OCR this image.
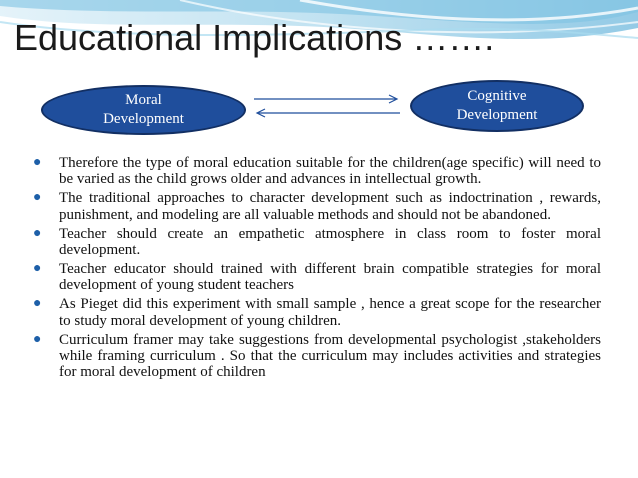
Educational Implications …….
Moral
Development
Cognitive
Development
● Therefore the type of moral education suitable for the children(age specific) will need to be varied as the child grows older and advances in intellectual growth.
● The traditional approaches to character development such as indoctrination , rewards, punishment, and modeling are all valuable methods and should not be abandoned.
● Teacher should create an empathetic atmosphere in class room to foster moral development.
● Teacher educator should trained with different brain compatible strategies for moral development of young student teachers
● As Pieget did this experiment with small sample , hence a great scope for the researcher to study moral development of young children.
● Curriculum framer may take suggestions from developmental psychologist ,stakeholders while framing curriculum . So that the curriculum may includes activities and strategies for moral development of children
